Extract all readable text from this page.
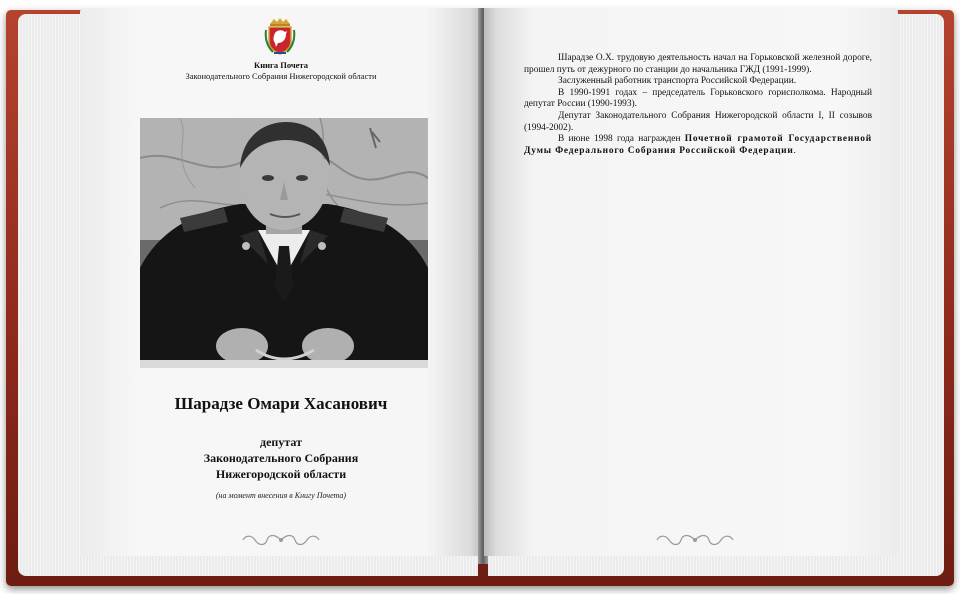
Книга Почета
Законодательного Собрания Нижегородской области
Шарадзе Омари Хасанович
депутат
Законодательного Собрания
Нижегородской области
(на момент внесения в Книгу Почета)

Шарадзе О.Х. трудовую деятельность начал на Горьковской железной дороге, прошел путь от дежурного по станции до начальника ГЖД (1991-1999).

Заслуженный работник транспорта Российской Федерации.

В 1990-1991 годах – председатель Горьковского горисполкома. Народный депутат России (1990-1993).

Депутат Законодательного Собрания Нижегородской области I, II созывов (1994-2002).

В июне 1998 года награжден Почетной грамотой Государственной Думы Федерального Собрания Российской Федерации.
